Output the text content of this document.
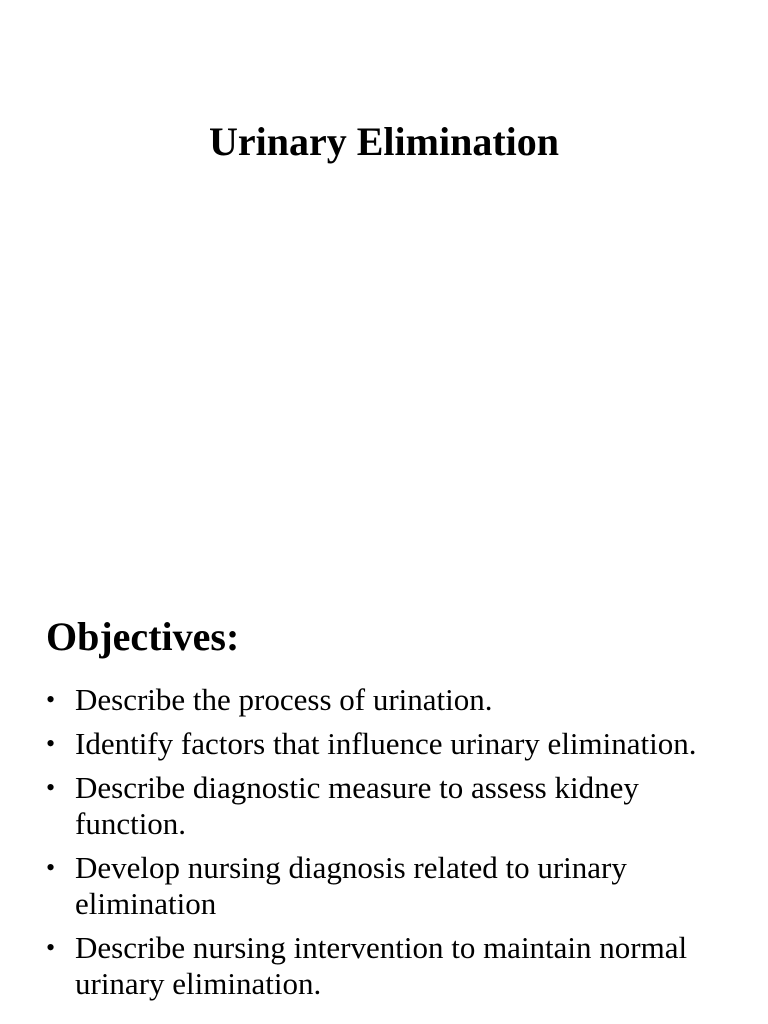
Urinary Elimination
Objectives:
• Describe the process of urination.
• Identify factors that influence urinary elimination.
• Describe diagnostic measure to assess kidney function.
• Develop nursing diagnosis related to urinary elimination
• Describe nursing intervention to maintain normal urinary elimination.
